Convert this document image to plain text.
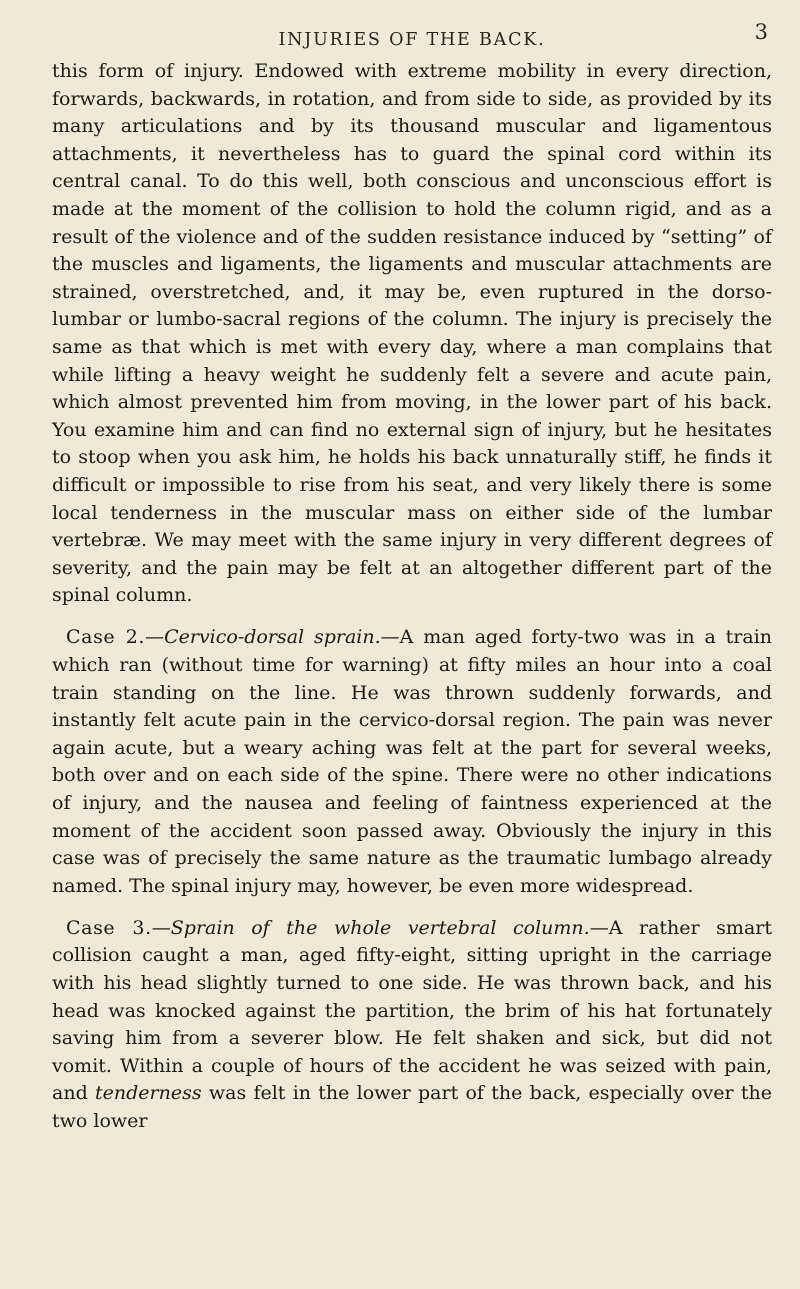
INJURIES OF THE BACK.	3

this form of injury. Endowed with extreme mobility in every direction, forwards, backwards, in rotation, and from side to side, as provided by its many articulations and by its thousand muscular and ligamentous attachments, it nevertheless has to guard the spinal cord within its central canal. To do this well, both conscious and unconscious effort is made at the moment of the collision to hold the column rigid, and as a result of the violence and of the sudden resistance induced by “setting” of the muscles and ligaments, the ligaments and muscular attachments are strained, overstretched, and, it may be, even ruptured in the dorso-lumbar or lumbo-sacral regions of the column. The injury is precisely the same as that which is met with every day, where a man complains that while lifting a heavy weight he suddenly felt a severe and acute pain, which almost prevented him from moving, in the lower part of his back. You examine him and can find no external sign of injury, but he hesitates to stoop when you ask him, he holds his back unnaturally stiff, he finds it difficult or impossible to rise from his seat, and very likely there is some local tenderness in the muscular mass on either side of the lumbar vertebræ. We may meet with the same injury in very different degrees of severity, and the pain may be felt at an altogether different part of the spinal column.

Case 2.—Cervico-dorsal sprain.—A man aged forty-two was in a train which ran (without time for warning) at fifty miles an hour into a coal train standing on the line. He was thrown suddenly forwards, and instantly felt acute pain in the cervico-dorsal region. The pain was never again acute, but a weary aching was felt at the part for several weeks, both over and on each side of the spine. There were no other indications of injury, and the nausea and feeling of faintness experienced at the moment of the accident soon passed away. Obviously the injury in this case was of precisely the same nature as the traumatic lumbago already named. The spinal injury may, however, be even more widespread.

Case 3.—Sprain of the whole vertebral column.—A rather smart collision caught a man, aged fifty-eight, sitting upright in the carriage with his head slightly turned to one side. He was thrown back, and his head was knocked against the partition, the brim of his hat fortunately saving him from a severer blow. He felt shaken and sick, but did not vomit. Within a couple of hours of the accident he was seized with pain, and tenderness was felt in the lower part of the back, especially over the two lower
